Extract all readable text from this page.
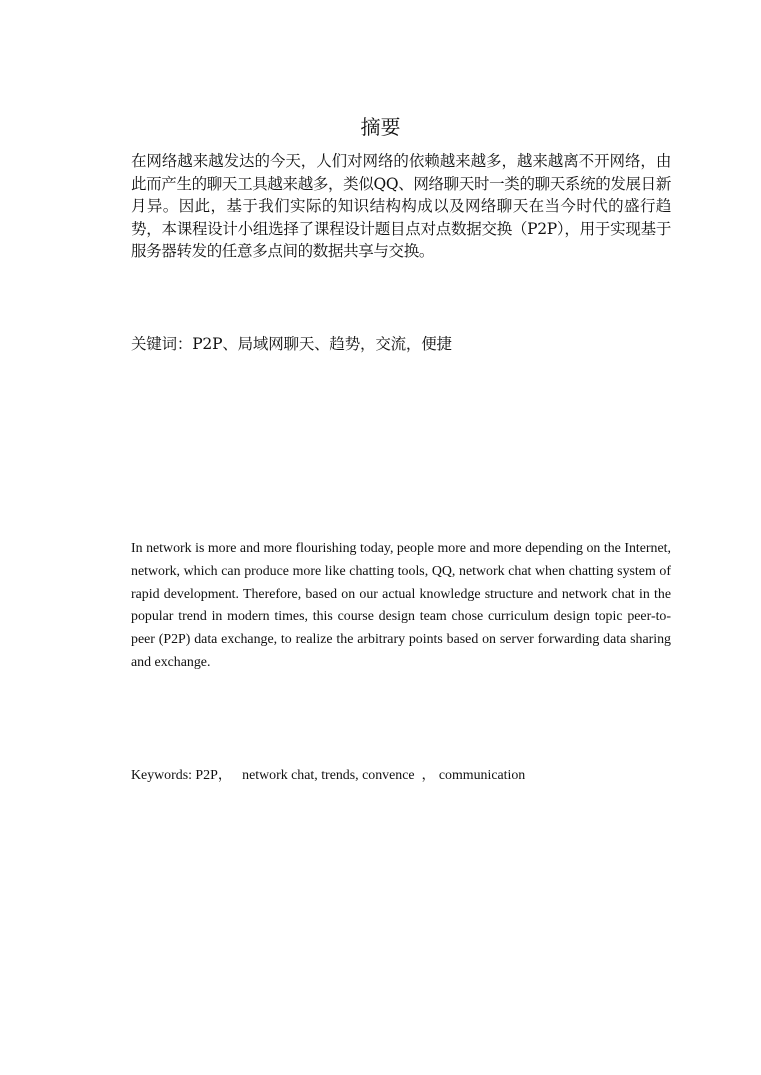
摘要
在网络越来越发达的今天，人们对网络的依赖越来越多，越来越离不开网络，由此而产生的聊天工具越来越多，类似QQ、网络聊天时一类的聊天系统的发展日新月异。因此，基于我们实际的知识结构构成以及网络聊天在当今时代的盛行趋势，本课程设计小组选择了课程设计题目点对点数据交换（P2P），用于实现基于服务器转发的任意多点间的数据共享与交换。
关键词：P2P、局域网聊天、趋势，交流，便捷
In network is more and more flourishing today, people more and more depending on the Internet, network, which can produce more like chatting tools, QQ, network chat when chatting system of rapid development. Therefore, based on our actual knowledge structure and network chat in the popular trend in modern times, this course design team chose curriculum design topic peer-to-peer (P2P) data exchange, to realize the arbitrary points based on server forwarding data sharing and exchange.
Keywords: P2P，   network chat, trends, convence  ， communication
